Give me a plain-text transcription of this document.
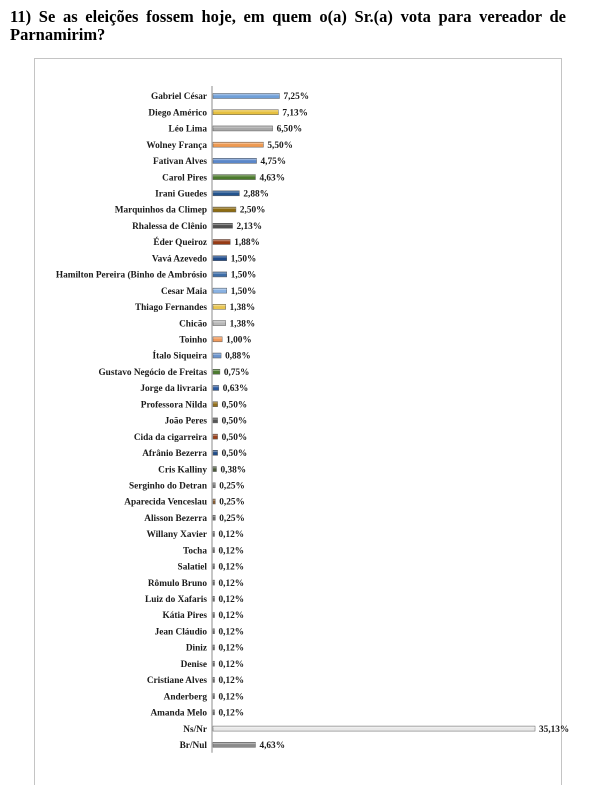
11) Se as eleições fossem hoje, em quem o(a) Sr.(a) vota para vereador de Parnamirim?
Gabriel César	7,25%
Diego Américo	7,13%
Léo Lima	6,50%
Wolney França	5,50%
Fativan Alves	4,75%
Carol Pires	4,63%
Irani Guedes	2,88%
Marquinhos da Climep	2,50%
Rhalessa de Clênio	2,13%
Éder Queiroz	1,88%
Vavá Azevedo	1,50%
Hamilton Pereira (Binho de Ambrósio	1,50%
Cesar Maia	1,50%
Thiago Fernandes 1,38%
Chicão 1,38%
Toinho 1,00%
Ítalo Siqueira 0,88%
Gustavo Negócio de Freitas 0,75%
Jorge da livraria 0,63%
Professora Nilda 0,50%
João Peres 0,50%
Cida da cigarreira 0,50%
Afrânio Bezerra 0,50%
Cris Kalliny 0,38%
Serginho do Detran 0,25%
Aparecida Venceslau 0,25%
Alisson Bezerra 0,25%
Willany Xavier 0,12%
Tocha 0,12%
Salatiel 0,12%
Rômulo Bruno 0,12%
Luiz do Xafaris 0,12%
Kátia Pires 0,12%
Jean Cláudio 0,12%
Diniz 0,12%
Denise 0,12%
Cristiane Alves 0,12%
Anderberg 0,12%
Amanda Melo 0,12%
Ns/Nr	35,13%
Br/Nul	4,63%
